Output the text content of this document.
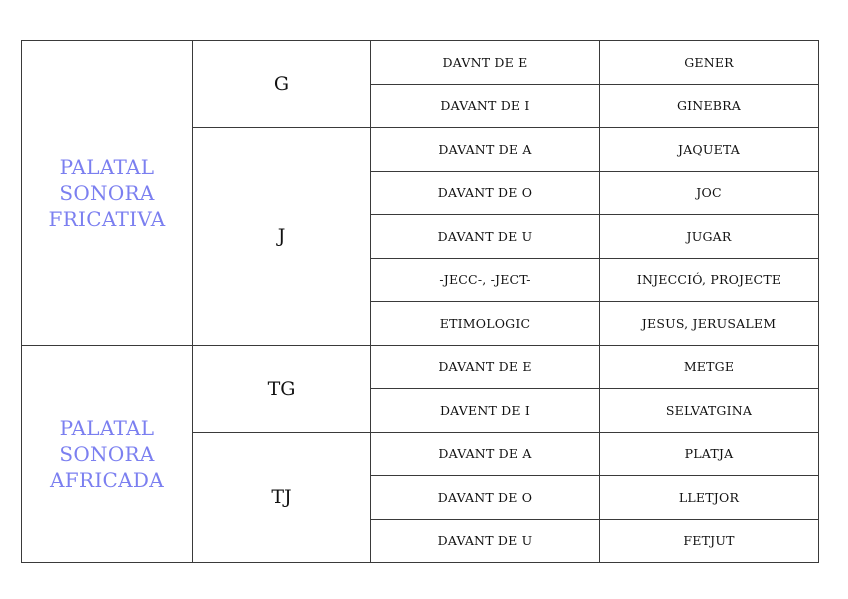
PALATAL
SONORA
FRICATIVA	G	DAVNT DE E	GENER
		DAVANT DE I	GINEBRA
	J	DAVANT DE A	JAQUETA
		DAVANT DE O	JOC
		DAVANT DE U	JUGAR
		-JECC-, -JECT-	INJECCIÓ, PROJECTE
		ETIMOLOGIC	JESUS, JERUSALEM

PALATAL
SONORA
AFRICADA	TG	DAVANT DE E	METGE
		DAVENT DE I	SELVATGINA
	TJ	DAVANT DE A	PLATJA
		DAVANT DE O	LLETJOR
		DAVANT DE U	FETJUT
